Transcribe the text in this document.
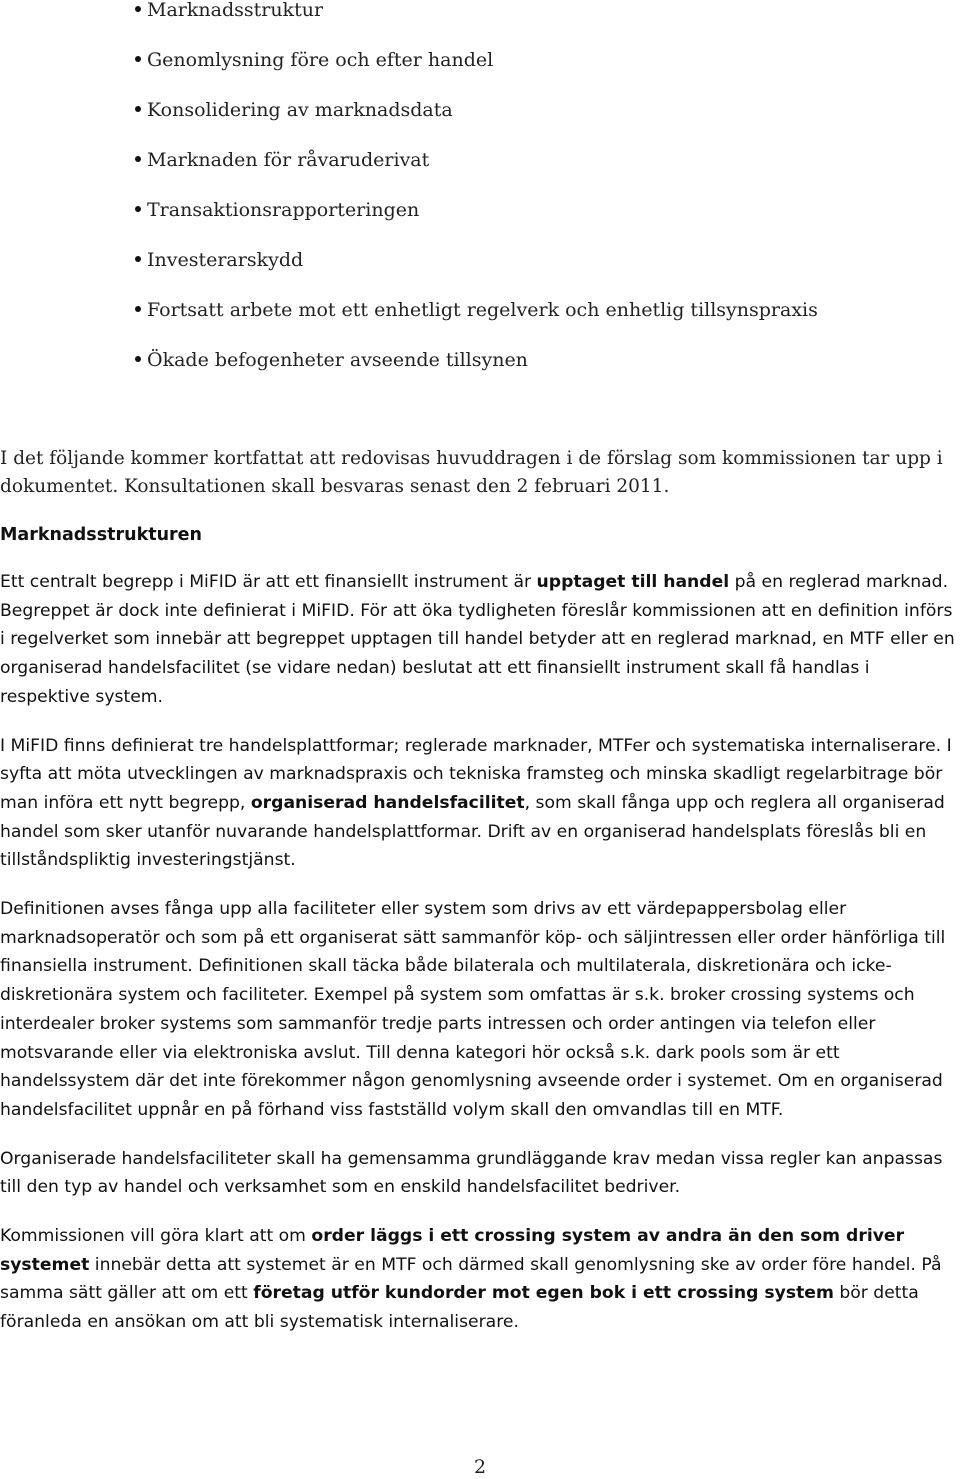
Marknadsstruktur
Genomlysning före och efter handel
Konsolidering av marknadsdata
Marknaden för råvaruderivat
Transaktionsrapporteringen
Investerarskydd
Fortsatt arbete mot ett enhetligt regelverk och enhetlig tillsynspraxis
Ökade befogenheter avseende tillsynen

I det följande kommer kortfattat att redovisas huvuddragen i de förslag som kommissionen tar upp i dokumentet. Konsultationen skall besvaras senast den 2 februari 2011.

Marknadsstrukturen

Ett centralt begrepp i MiFID är att ett finansiellt instrument är upptaget till handel på en reglerad marknad. Begreppet är dock inte definierat i MiFID. För att öka tydligheten föreslår kommissionen att en definition införs i regelverket som innebär att begreppet upptagen till handel betyder att en reglerad marknad, en MTF eller en organiserad handelsfacilitet (se vidare nedan) beslutat att ett finansiellt instrument skall få handlas i respektive system.

I MiFID finns definierat tre handelsplattformar; reglerade marknader, MTFer och systematiska internaliserare. I syfta att möta utvecklingen av marknadspraxis och tekniska framsteg och minska skadligt regelarbitrage bör man införa ett nytt begrepp, organiserad handelsfacilitet, som skall fånga upp och reglera all organiserad handel som sker utanför nuvarande handelsplattformar. Drift av en organiserad handelsplats föreslås bli en tillståndspliktig investeringstjänst.

Definitionen avses fånga upp alla faciliteter eller system som drivs av ett värdepappersbolag eller marknadsoperatör och som på ett organiserat sätt sammanför köp- och säljintressen eller order hänförliga till finansiella instrument. Definitionen skall täcka både bilaterala och multilaterala, diskretionära och icke-diskretionära system och faciliteter. Exempel på system som omfattas är s.k. broker crossing systems och interdealer broker systems som sammanför tredje parts intressen och order antingen via telefon eller motsvarande eller via elektroniska avslut. Till denna kategori hör också s.k. dark pools som är ett handelssystem där det inte förekommer någon genomlysning avseende order i systemet. Om en organiserad handelsfacilitet uppnår en på förhand viss fastställd volym skall den omvandlas till en MTF.

Organiserade handelsfaciliteter skall ha gemensamma grundläggande krav medan vissa regler kan anpassas till den typ av handel och verksamhet som en enskild handelsfacilitet bedriver.

Kommissionen vill göra klart att om order läggs i ett crossing system av andra än den som driver systemet innebär detta att systemet är en MTF och därmed skall genomlysning ske av order före handel. På samma sätt gäller att om ett företag utför kundorder mot egen bok i ett crossing system bör detta föranleda en ansökan om att bli systematisk internaliserare.

2
